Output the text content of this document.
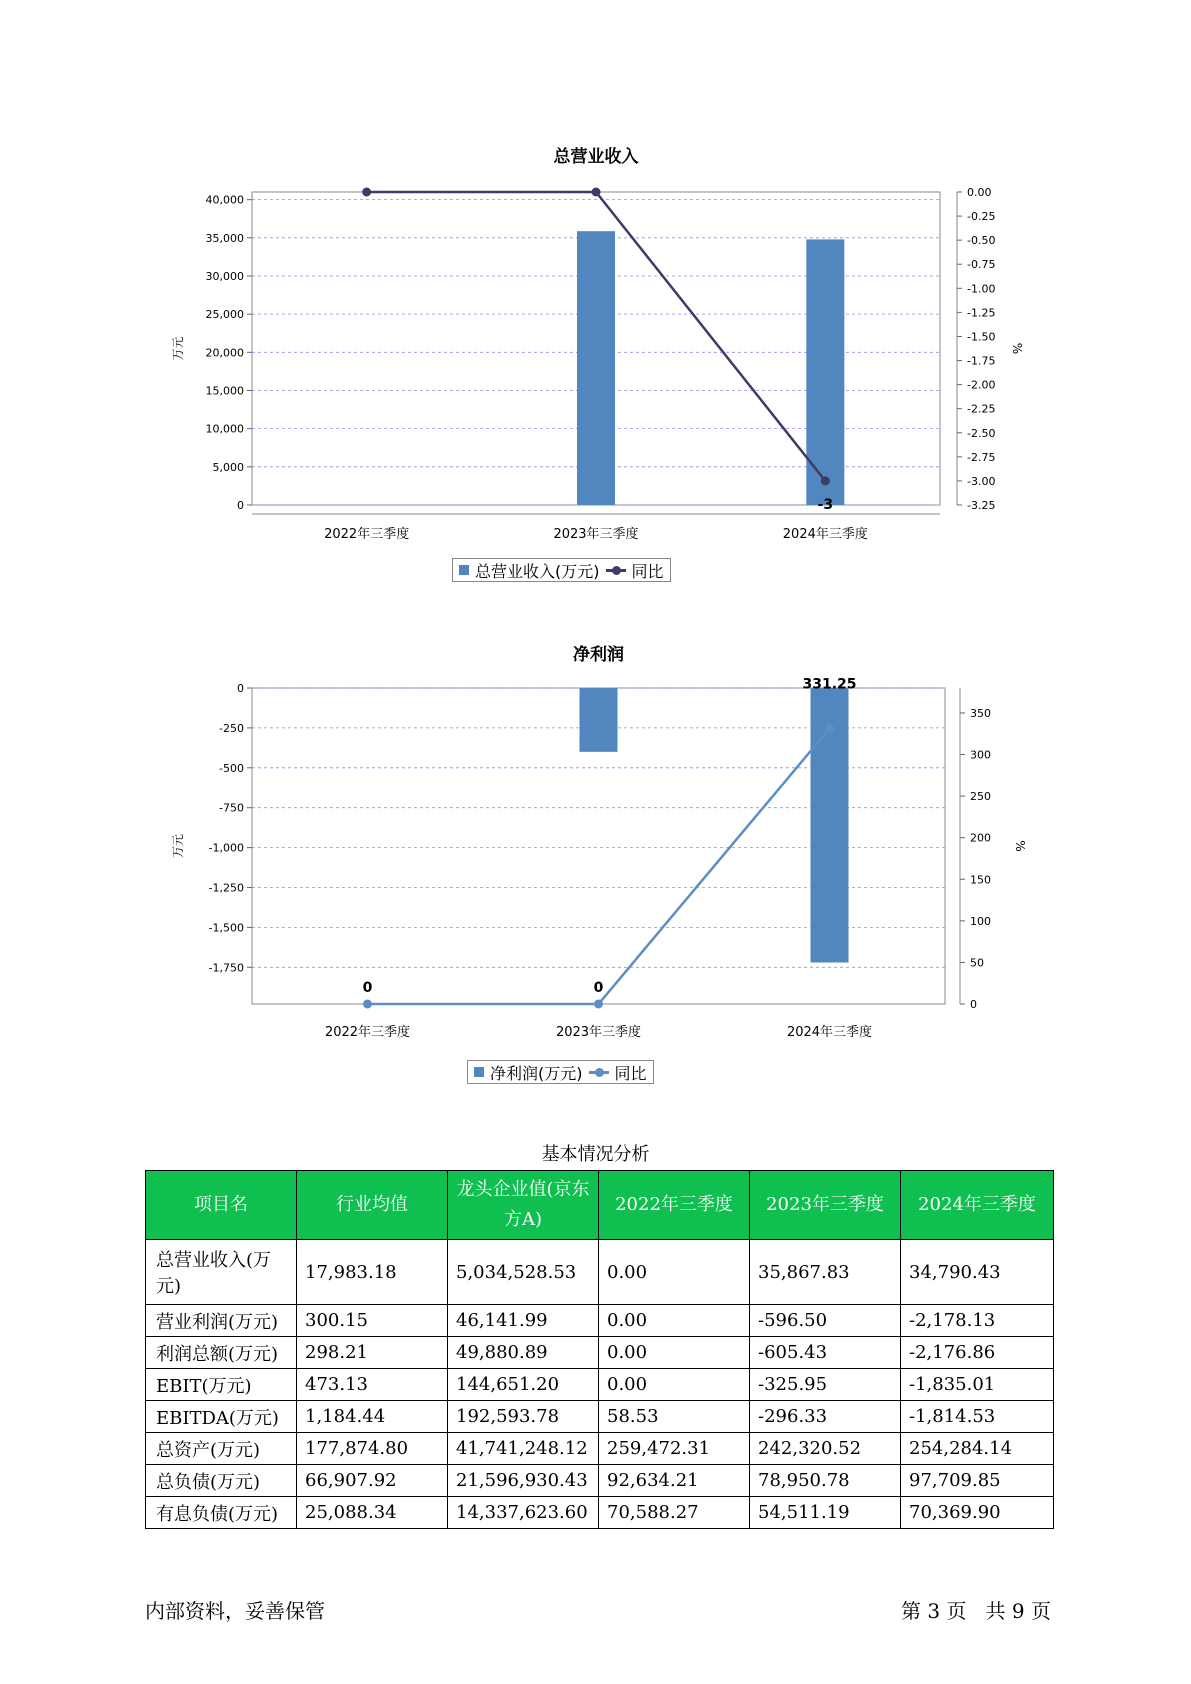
总营业收入
0
5,000
10,000
15,000
20,000
25,000
30,000
35,000
40,000
0.00
-0.25
-0.50
-0.75
-1.00
-1.25
-1.50
-1.75
-2.00
-2.25
-2.50
-2.75
-3.00
-3.25
万元	%
2022年三季度	2023年三季度	2024年三季度
-3
总营业收入(万元) 同比
净利润
0
-250
-500
-750
-1,000
-1,250
-1,500
-1,750
0
50
100
150
200
250
300
350
万元	%
2022年三季度	2023年三季度	2024年三季度
0	0
331.25
净利润(万元) 同比
基本情况分析
项目名	行业均值	龙头企业值(京东方A)	2022年三季度	2023年三季度	2024年三季度
总营业收入(万元)	17,983.18	5,034,528.53	0.00	35,867.83	34,790.43
营业利润(万元)	300.15	46,141.99	0.00	-596.50	-2,178.13
利润总额(万元)	298.21	49,880.89	0.00	-605.43	-2,176.86
EBIT(万元)	473.13	144,651.20	0.00	-325.95	-1,835.01
EBITDA(万元)	1,184.44	192,593.78	58.53	-296.33	-1,814.53
总资产(万元)	177,874.80	41,741,248.12	259,472.31	242,320.52	254,284.14
总负债(万元)	66,907.92	21,596,930.43	92,634.21	78,950.78	97,709.85
有息负债(万元)	25,088.34	14,337,623.60	70,588.27	54,511.19	70,369.90
内部资料，妥善保管	第 3 页   共 9 页
